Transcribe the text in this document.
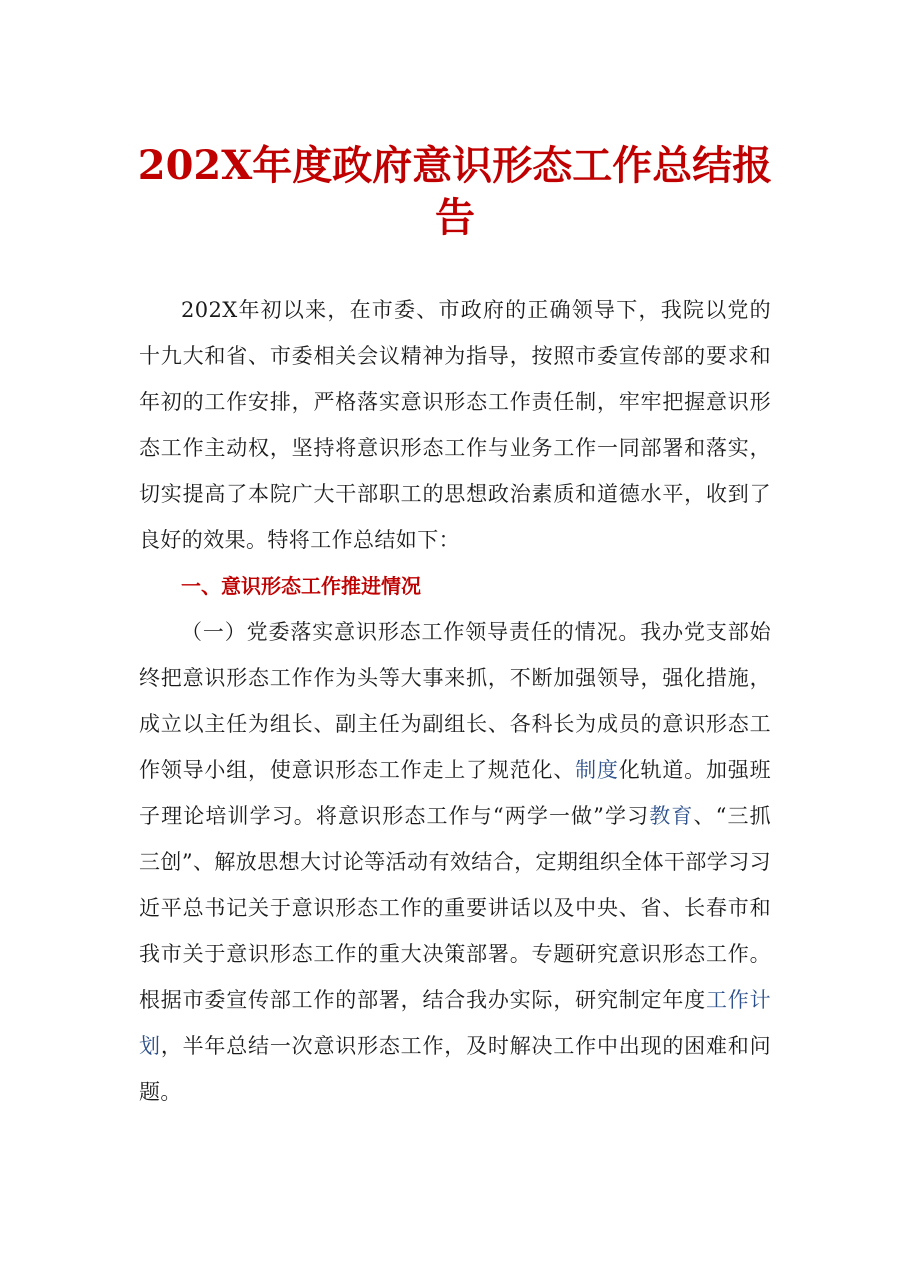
202X年度政府意识形态工作总结报告

202X年初以来，在市委、市政府的正确领导下，我院以党的十九大和省、市委相关会议精神为指导，按照市委宣传部的要求和年初的工作安排，严格落实意识形态工作责任制，牢牢把握意识形态工作主动权，坚持将意识形态工作与业务工作一同部署和落实，切实提高了本院广大干部职工的思想政治素质和道德水平，收到了良好的效果。特将工作总结如下：

一、意识形态工作推进情况

（一）党委落实意识形态工作领导责任的情况。我办党支部始终把意识形态工作作为头等大事来抓，不断加强领导，强化措施，成立以主任为组长、副主任为副组长、各科长为成员的意识形态工作领导小组，使意识形态工作走上了规范化、制度化轨道。加强班子理论培训学习。将意识形态工作与“两学一做”学习教育、“三抓三创”、解放思想大讨论等活动有效结合，定期组织全体干部学习习近平总书记关于意识形态工作的重要讲话以及中央、省、长春市和我市关于意识形态工作的重大决策部署。专题研究意识形态工作。根据市委宣传部工作的部署，结合我办实际，研究制定年度工作计划，半年总结一次意识形态工作，及时解决工作中出现的困难和问题。
